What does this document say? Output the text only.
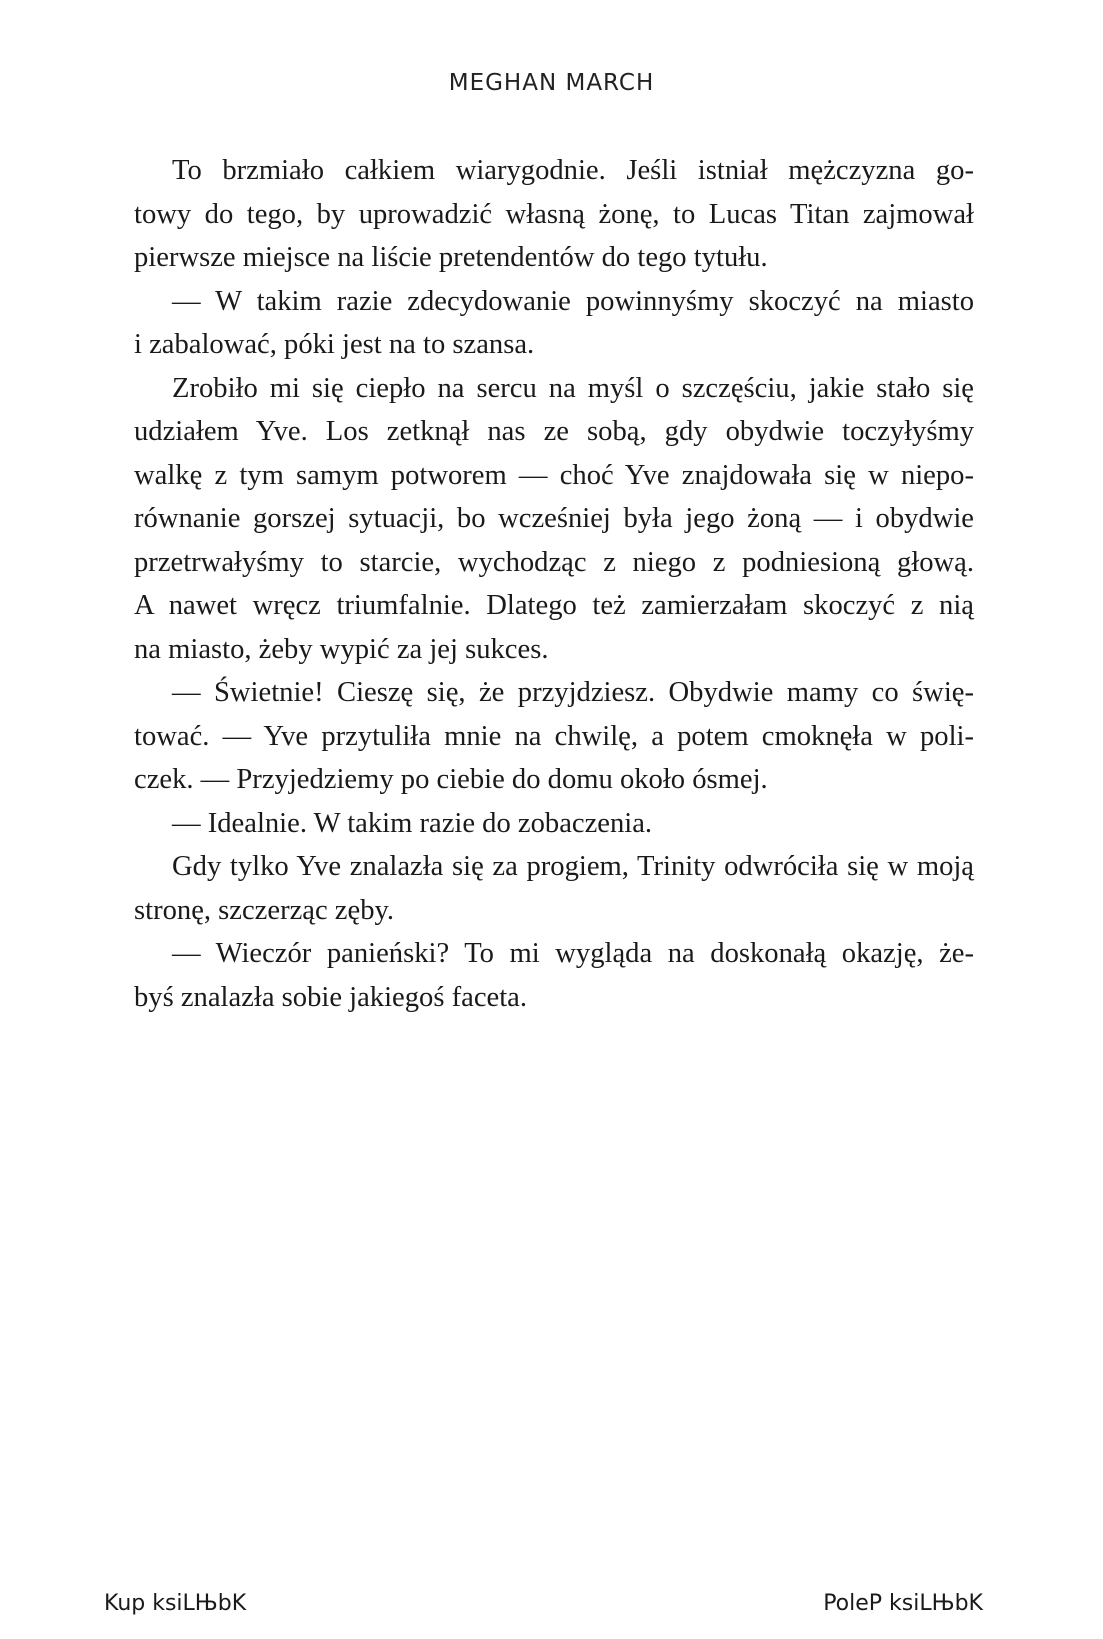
MEGHAN MARCH
To brzmiało całkiem wiarygodnie. Jeśli istniał mężczyzna go-
towy do tego, by uprowadzić własną żonę, to Lucas Titan zajmował
pierwsze miejsce na liście pretendentów do tego tytułu.
— W takim razie zdecydowanie powinnyśmy skoczyć na miasto
i zabalować, póki jest na to szansa.
Zrobiło mi się ciepło na sercu na myśl o szczęściu, jakie stało się
udziałem Yve. Los zetknął nas ze sobą, gdy obydwie toczyłyśmy
walkę z tym samym potworem — choć Yve znajdowała się w niepo-
równanie gorszej sytuacji, bo wcześniej była jego żoną — i obydwie
przetrwałyśmy to starcie, wychodząc z niego z podniesioną głową.
A nawet wręcz triumfalnie. Dlatego też zamierzałam skoczyć z nią
na miasto, żeby wypić za jej sukces.
— Świetnie! Cieszę się, że przyjdziesz. Obydwie mamy co świę-
tować. — Yve przytuliła mnie na chwilę, a potem cmoknęła w poli-
czek. — Przyjedziemy po ciebie do domu około ósmej.
— Idealnie. W takim razie do zobaczenia.
Gdy tylko Yve znalazła się za progiem, Trinity odwróciła się w moją
stronę, szczerząc zęby.
— Wieczór panieński? To mi wygląda na doskonałą okazję, że-
byś znalazła sobie jakiegoś faceta.
Kup ksiLЊbK	PoleP ksiLЊbK
